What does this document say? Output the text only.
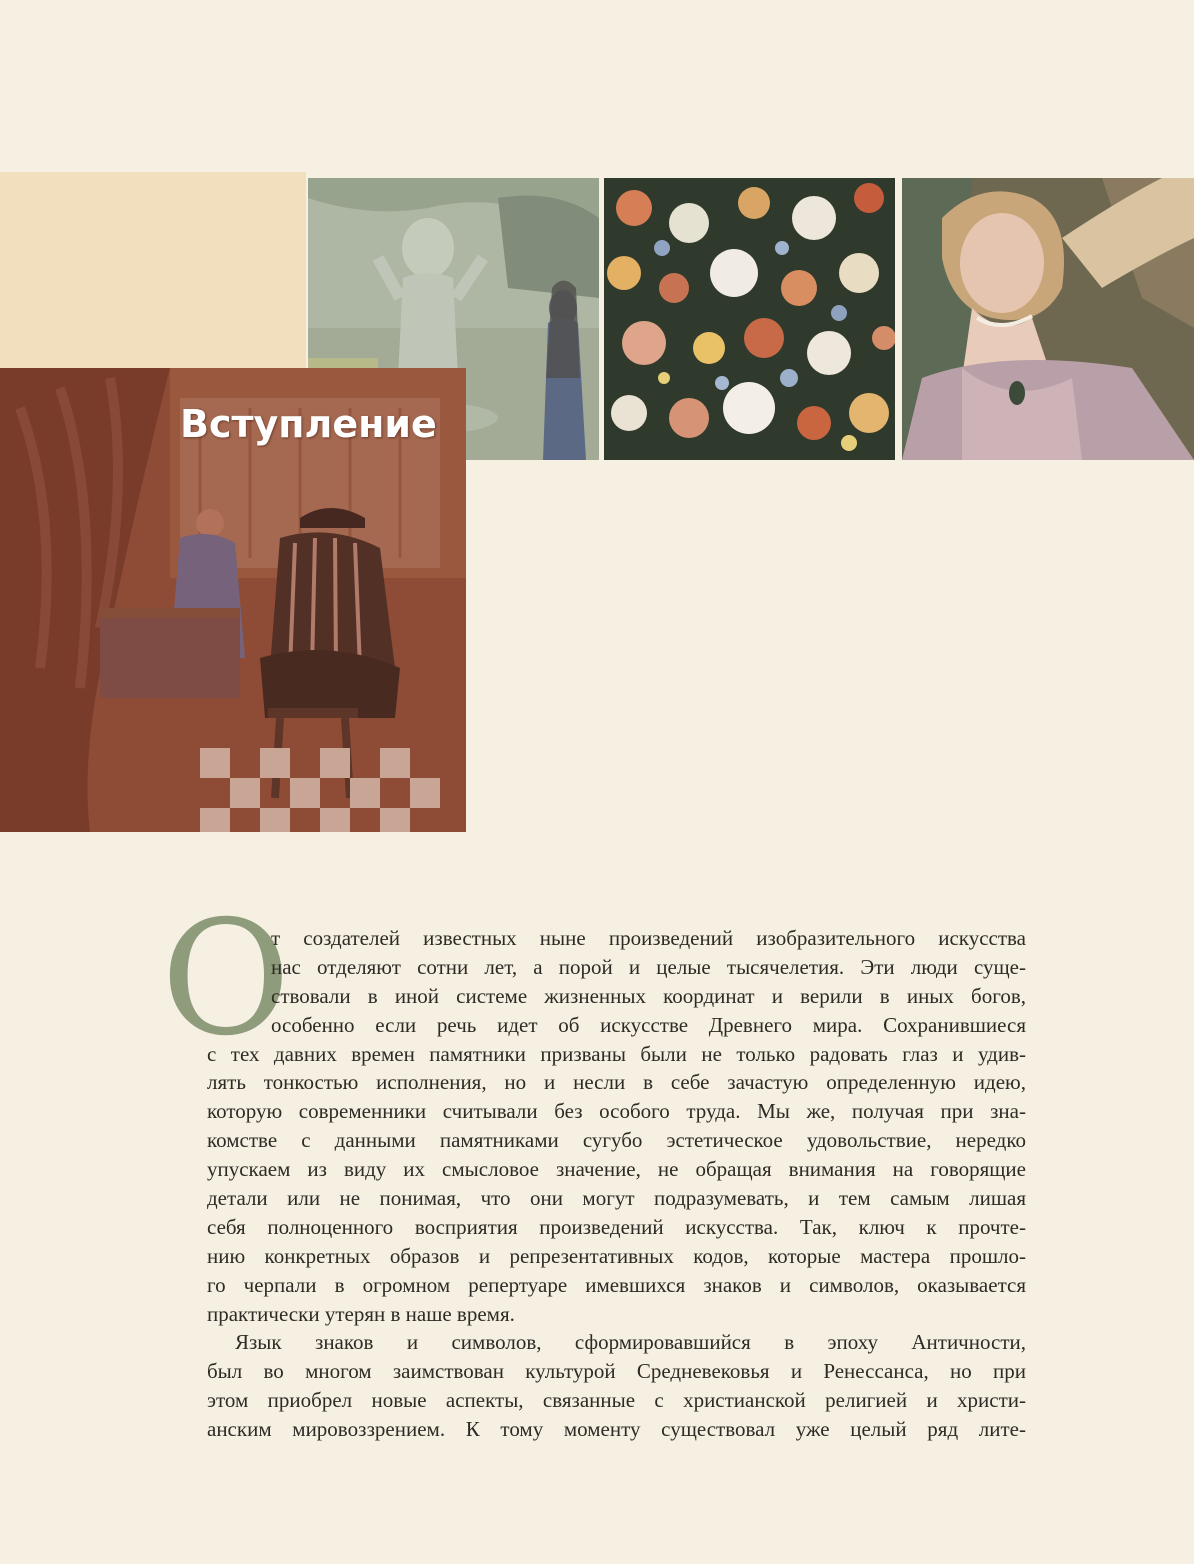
Вступление
О
т создателей известных ныне произведений изобразительного искусства
нас отделяют сотни лет, а порой и целые тысячелетия. Эти люди суще-
ствовали в иной системе жизненных координат и верили в иных богов,
особенно если речь идет об искусстве Древнего мира. Сохранившиеся
с тех давних времен памятники призваны были не только радовать глаз и удив-
лять тонкостью исполнения, но и несли в себе зачастую определенную идею,
которую современники считывали без особого труда. Мы же, получая при зна-
комстве с данными памятниками сугубо эстетическое удовольствие, нередко
упускаем из виду их смысловое значение, не обращая внимания на говорящие
детали или не понимая, что они могут подразумевать, и тем самым лишая
себя полноценного восприятия произведений искусства. Так, ключ к прочте-
нию конкретных образов и репрезентативных кодов, которые мастера прошло-
го черпали в огромном репертуаре имевшихся знаков и символов, оказывается
практически утерян в наше время.
Язык знаков и символов, сформировавшийся в эпоху Античности,
был во многом заимствован культурой Средневековья и Ренессанса, но при
этом приобрел новые аспекты, связанные с христианской религией и христи-
анским мировоззрением. К тому моменту существовал уже целый ряд лите-
